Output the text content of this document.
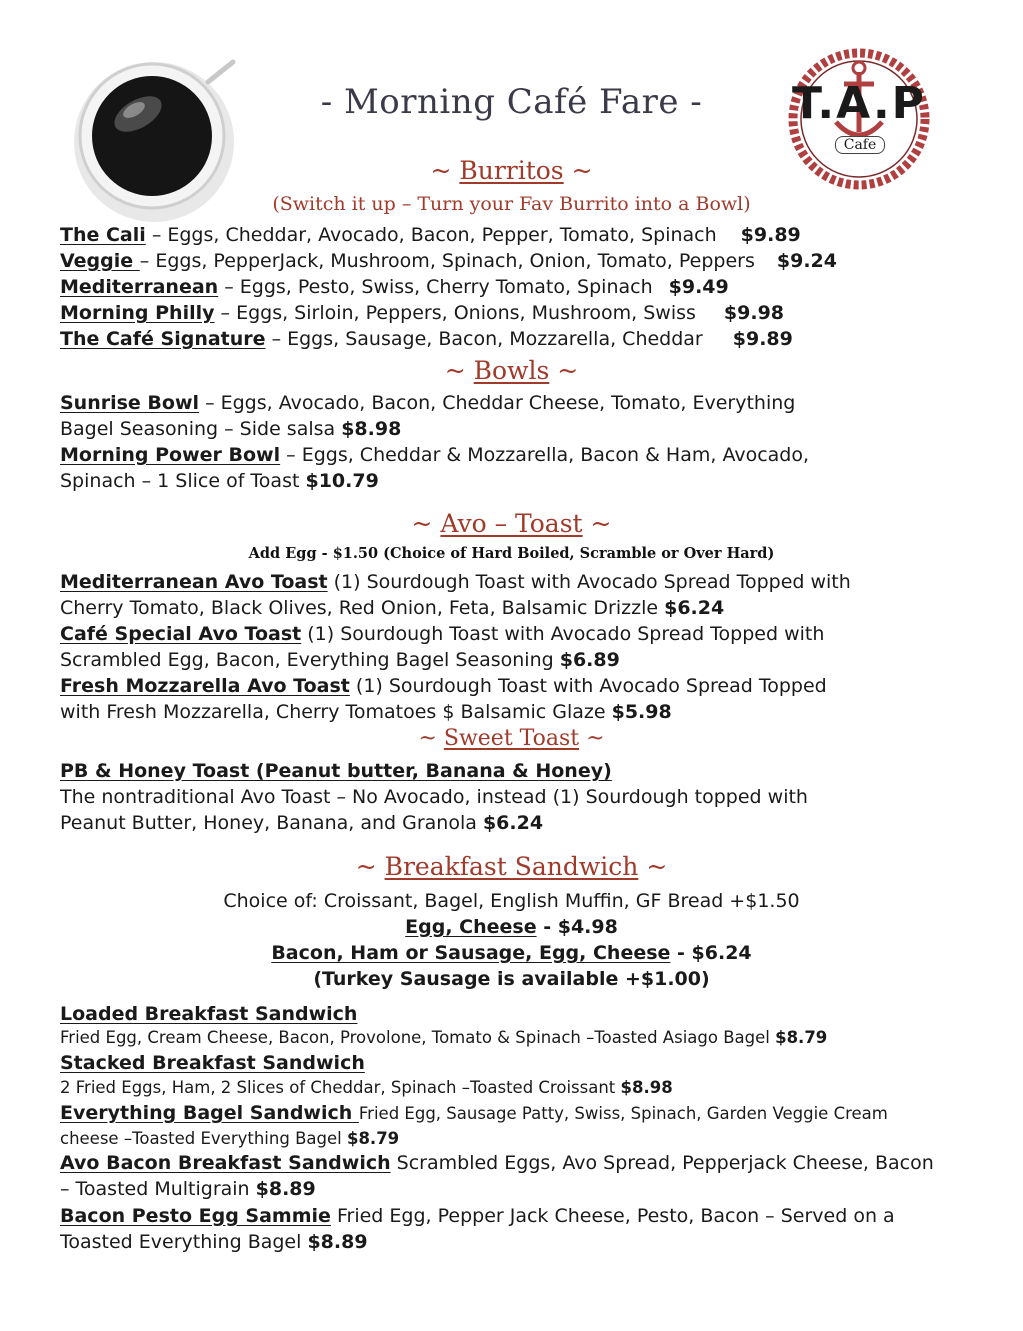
- Morning Café Fare -	T.A.P
Cafe
~ Burritos ~
(Switch it up – Turn your Fav Burrito into a Bowl)
The Cali – Eggs, Cheddar, Avocado, Bacon, Pepper, Tomato, Spinach $9.89
Veggie – Eggs, PepperJack, Mushroom, Spinach, Onion, Tomato, Peppers $9.24
Mediterranean – Eggs, Pesto, Swiss, Cherry Tomato, Spinach $9.49
Morning Philly – Eggs, Sirloin, Peppers, Onions, Mushroom, Swiss $9.98
The Café Signature – Eggs, Sausage, Bacon, Mozzarella, Cheddar $9.89
~ Bowls ~
Sunrise Bowl – Eggs, Avocado, Bacon, Cheddar Cheese, Tomato, Everything
Bagel Seasoning – Side salsa $8.98
Morning Power Bowl – Eggs, Cheddar & Mozzarella, Bacon & Ham, Avocado,
Spinach – 1 Slice of Toast $10.79
~ Avo – Toast ~
Add Egg - $1.50 (Choice of Hard Boiled, Scramble or Over Hard)
Mediterranean Avo Toast (1) Sourdough Toast with Avocado Spread Topped with
Cherry Tomato, Black Olives, Red Onion, Feta, Balsamic Drizzle $6.24
Café Special Avo Toast (1) Sourdough Toast with Avocado Spread Topped with
Scrambled Egg, Bacon, Everything Bagel Seasoning $6.89
Fresh Mozzarella Avo Toast (1) Sourdough Toast with Avocado Spread Topped
with Fresh Mozzarella, Cherry Tomatoes $ Balsamic Glaze $5.98
~ Sweet Toast ~
PB & Honey Toast (Peanut butter, Banana & Honey)
The nontraditional Avo Toast – No Avocado, instead (1) Sourdough topped with
Peanut Butter, Honey, Banana, and Granola $6.24
~ Breakfast Sandwich ~
Choice of: Croissant, Bagel, English Muffin, GF Bread +$1.50
Egg, Cheese - $4.98
Bacon, Ham or Sausage, Egg, Cheese - $6.24
(Turkey Sausage is available +$1.00)
Loaded Breakfast Sandwich
Fried Egg, Cream Cheese, Bacon, Provolone, Tomato & Spinach –Toasted Asiago Bagel $8.79
Stacked Breakfast Sandwich
2 Fried Eggs, Ham, 2 Slices of Cheddar, Spinach –Toasted Croissant $8.98
Everything Bagel Sandwich Fried Egg, Sausage Patty, Swiss, Spinach, Garden Veggie Cream
cheese –Toasted Everything Bagel $8.79
Avo Bacon Breakfast Sandwich Scrambled Eggs, Avo Spread, Pepperjack Cheese, Bacon
– Toasted Multigrain $8.89
Bacon Pesto Egg Sammie Fried Egg, Pepper Jack Cheese, Pesto, Bacon – Served on a
Toasted Everything Bagel $8.89
